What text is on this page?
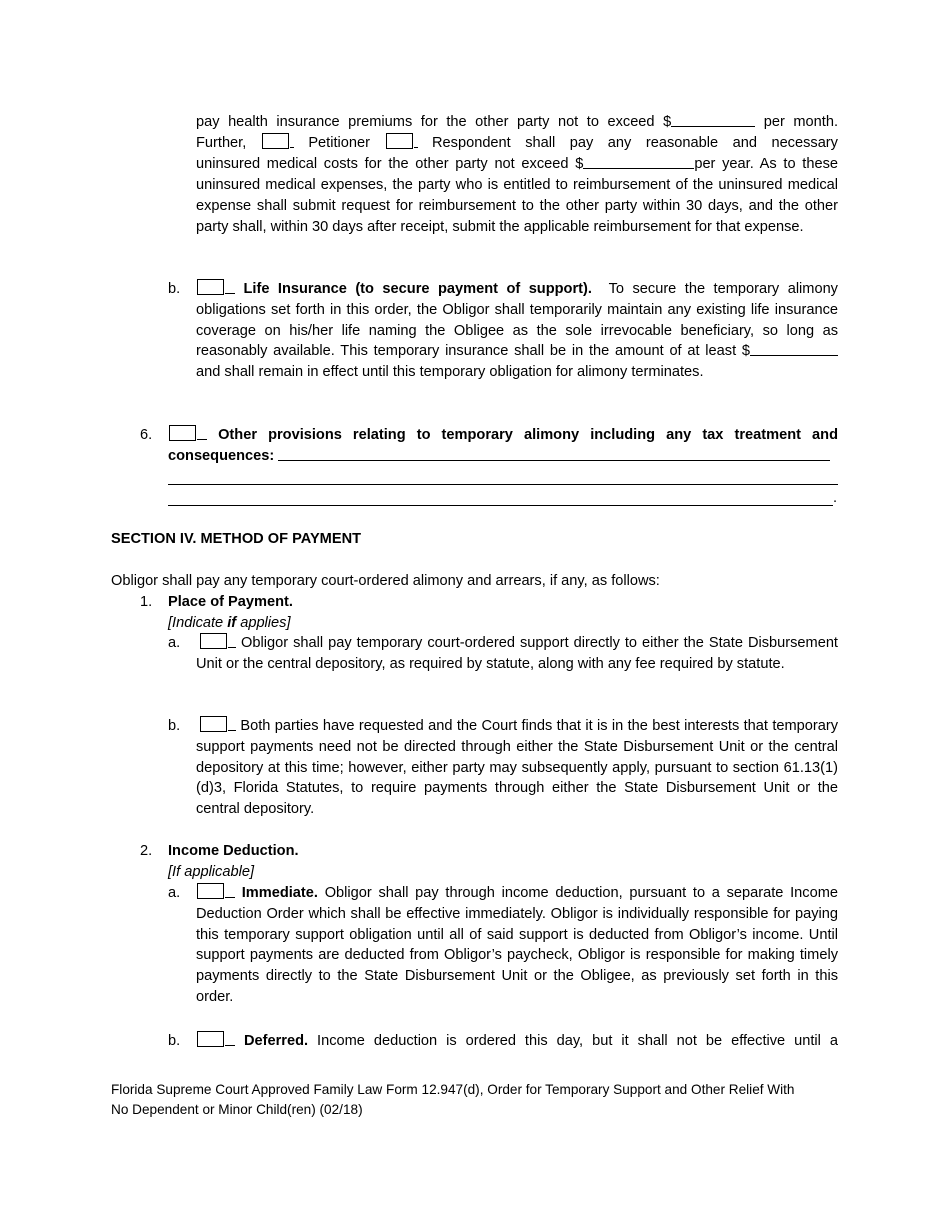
pay health insurance premiums for the other party not to exceed $	per month.
Further,	Petitioner	Respondent shall pay any reasonable and necessary
uninsured medical costs for the other party not exceed $	per year. As to these
uninsured medical expenses, the party who is entitled to reimbursement of the uninsured medical expense shall submit request for reimbursement to the other party within 30 days, and the other party shall, within 30 days after receipt, submit the applicable reimbursement for that expense.
b.	Life Insurance (to secure payment of support). To secure the temporary alimony obligations set forth in this order, the Obligor shall temporarily maintain any existing life insurance coverage on his/her life naming the Obligee as the sole irrevocable beneficiary, so long as reasonably available. This temporary insurance shall be in the amount of at least $ and shall remain in effect until this temporary obligation for alimony terminates.
6.	Other provisions relating to temporary alimony including any tax treatment and consequences:
.
SECTION IV. METHOD OF PAYMENT
Obligor shall pay any temporary court-ordered alimony and arrears, if any, as follows:
1. Place of Payment.
[Indicate if applies]
a.	Obligor shall pay temporary court-ordered support directly to either the State Disbursement Unit or the central depository, as required by statute, along with any fee required by statute.
b.	Both parties have requested and the Court finds that it is in the best interests that temporary support payments need not be directed through either the State Disbursement Unit or the central depository at this time; however, either party may subsequently apply, pursuant to section 61.13(1)(d)3, Florida Statutes, to require payments through either the State Disbursement Unit or the central depository.
2. Income Deduction.
[If applicable]
a.	Immediate. Obligor shall pay through income deduction, pursuant to a separate Income Deduction Order which shall be effective immediately. Obligor is individually responsible for paying this temporary support obligation until all of said support is deducted from Obligor’s income. Until support payments are deducted from Obligor’s paycheck, Obligor is responsible for making timely payments directly to the State Disbursement Unit or the Obligee, as previously set forth in this order.
b.	Deferred. Income deduction is ordered this day, but it shall not be effective until a
Florida Supreme Court Approved Family Law Form 12.947(d), Order for Temporary Support and Other Relief With
No Dependent or Minor Child(ren) (02/18)
